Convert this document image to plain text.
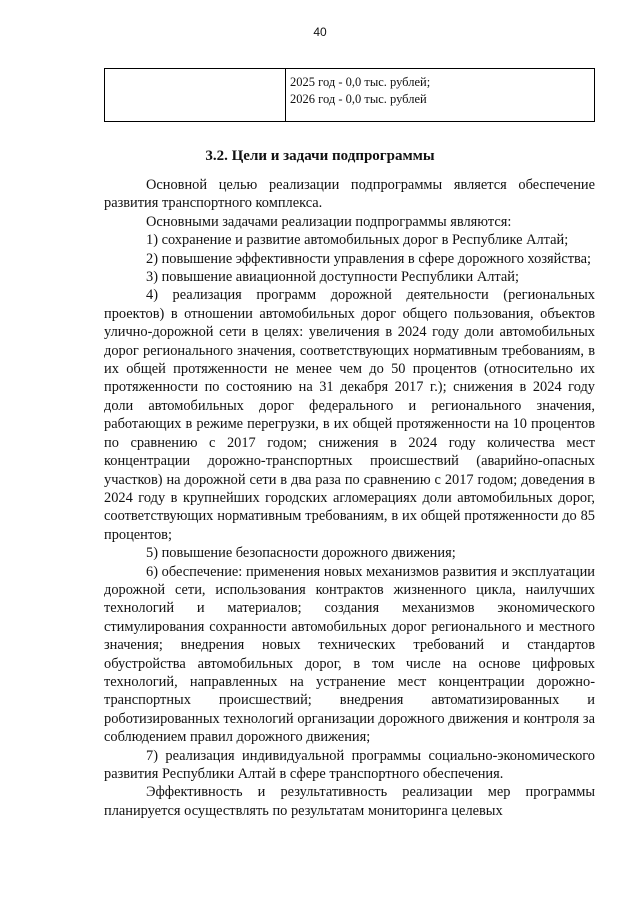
40

2025 год - 0,0 тыс. рублей;
2026 год - 0,0 тыс. рублей
3.2. Цели и задачи подпрограммы

Основной целью реализации подпрограммы является обеспечение развития транспортного комплекса.

Основными задачами реализации подпрограммы являются:

1) сохранение и развитие автомобильных дорог в Республике Алтай;

2) повышение эффективности управления в сфере дорожного хозяйства;

3) повышение авиационной доступности Республики Алтай;

4) реализация программ дорожной деятельности (региональных проектов) в отношении автомобильных дорог общего пользования, объектов улично-дорожной сети в целях: увеличения в 2024 году доли автомобильных дорог регионального значения, соответствующих нормативным требованиям, в их общей протяженности не менее чем до 50 процентов (относительно их протяженности по состоянию на 31 декабря 2017 г.); снижения в 2024 году доли автомобильных дорог федерального и регионального значения, работающих в режиме перегрузки, в их общей протяженности на 10 процентов по сравнению с 2017 годом; снижения в 2024 году количества мест концентрации дорожно-транспортных происшествий (аварийно-опасных участков) на дорожной сети в два раза по сравнению с 2017 годом; доведения в 2024 году в крупнейших городских агломерациях доли автомобильных дорог, соответствующих нормативным требованиям, в их общей протяженности до 85 процентов;

5) повышение безопасности дорожного движения;

6) обеспечение: применения новых механизмов развития и эксплуатации дорожной сети, использования контрактов жизненного цикла, наилучших технологий и материалов; создания механизмов экономического стимулирования сохранности автомобильных дорог регионального и местного значения; внедрения новых технических требований и стандартов обустройства автомобильных дорог, в том числе на основе цифровых технологий, направленных на устранение мест концентрации дорожно-транспортных происшествий; внедрения автоматизированных и роботизированных технологий организации дорожного движения и контроля за соблюдением правил дорожного движения;

7) реализация индивидуальной программы социально-экономического развития Республики Алтай в сфере транспортного обеспечения.

Эффективность и результативность реализации мер программы планируется осуществлять по результатам мониторинга целевых
